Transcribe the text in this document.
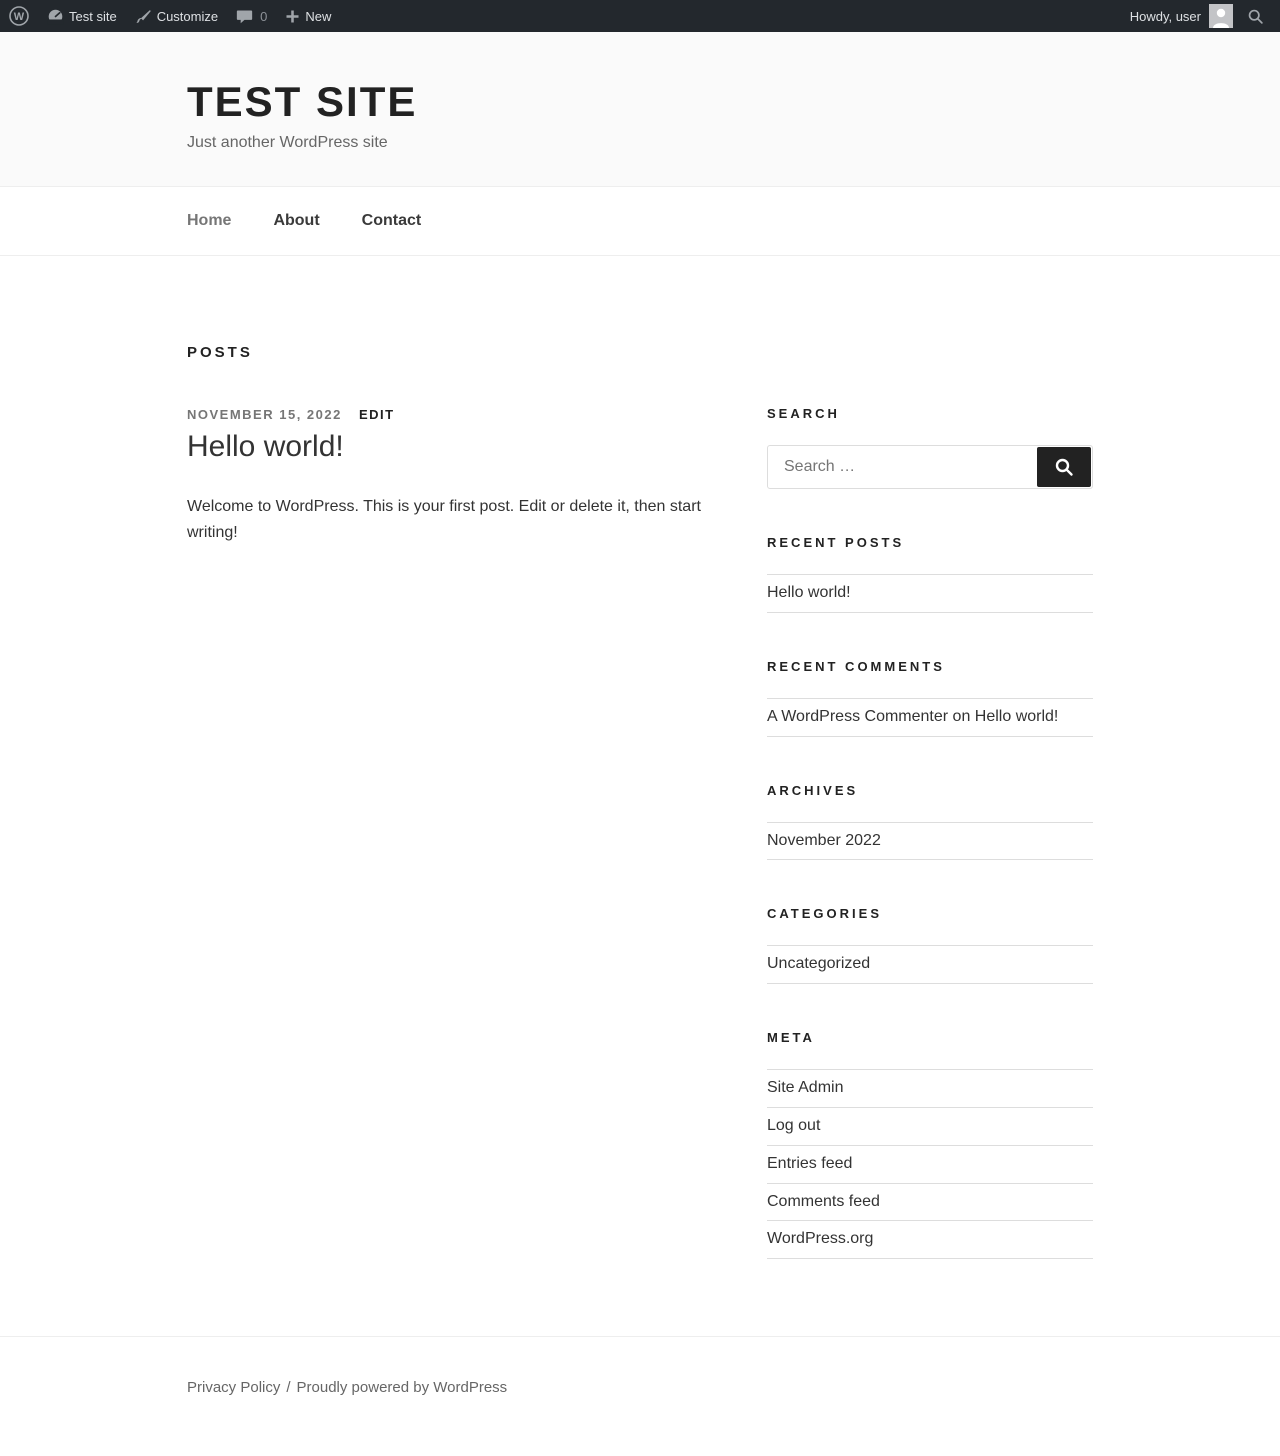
W	Test site	Customize	0	New	Howdy, user
TEST SITE

Just another WordPress site

Home	About	Contact
POSTS
NOVEMBER 15, 2022 EDIT
Hello world!

Welcome to WordPress. This is your first post. Edit or delete it, then start writing!

SEARCH
Search …
RECENT POSTS
Hello world!
RECENT COMMENTS
A WordPress Commenter on Hello world!
ARCHIVES
November 2022
CATEGORIES
Uncategorized
META
Site Admin
Log out
Entries feed
Comments feed
WordPress.org
Privacy Policy / Proudly powered by WordPress
